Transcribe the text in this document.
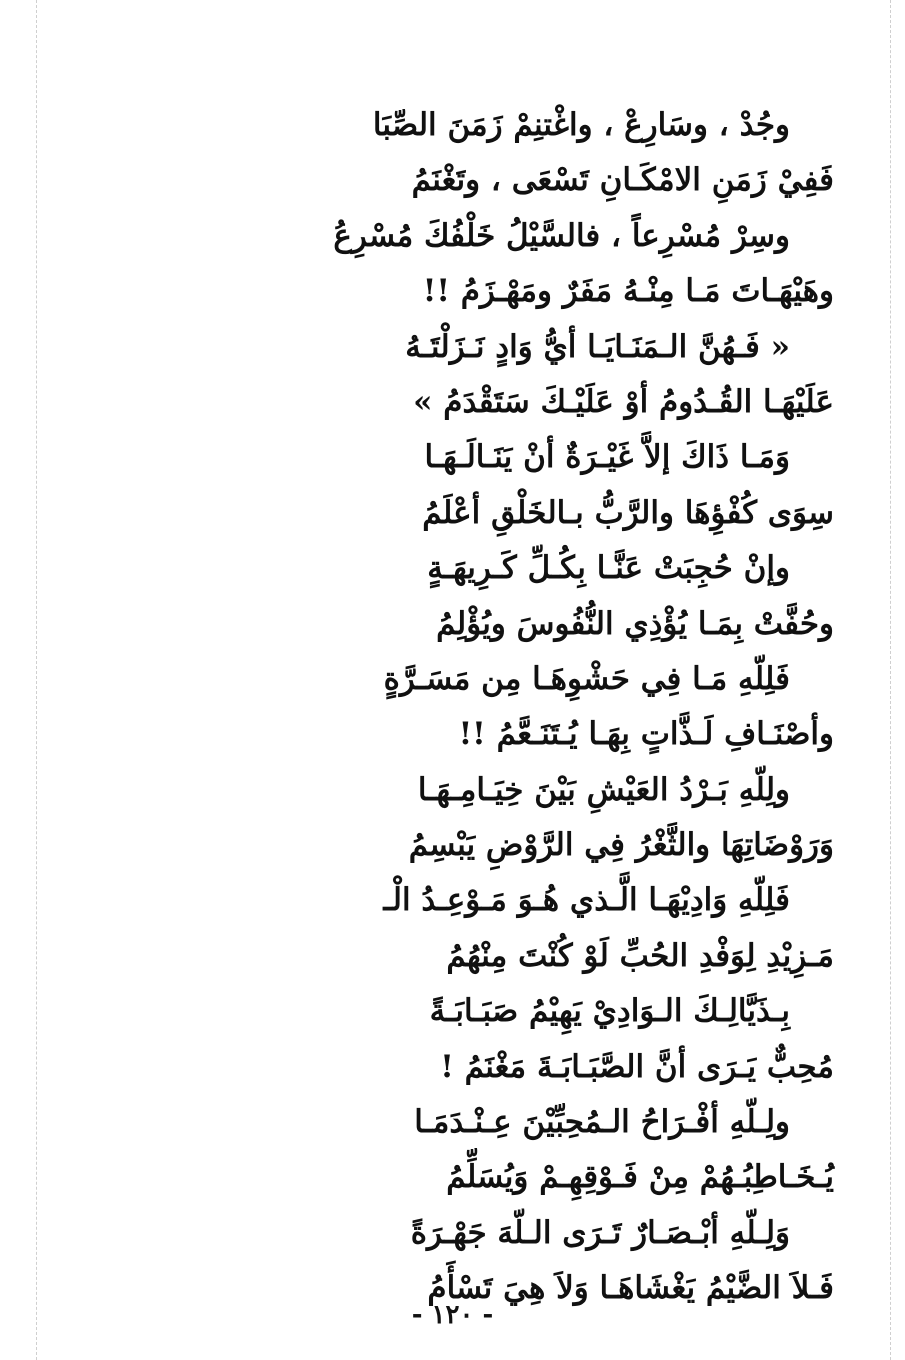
وجُدْ ، وسَارِعْ ، واغْتنِمْ زَمَنَ الصِّبَا
فَفِيْ زَمَنِ الامْكَـانِ تَسْعَى ، وتَغْنَمُ
وسِرْ مُسْرِعاً ، فالسَّيْلُ خَلْفُكَ مُسْرِعُ
وهَيْهَـاتَ مَـا مِنْـهُ مَفَرٌ ومَهْـزَمُ !!
« فَـهُنَّ الـمَنَـايَـا أيُّ وَادٍ نَـزَلْتَـهُ
عَلَيْهَـا القُـدُومُ أوْ عَلَيْـكَ سَتَقْدَمُ »
وَمَـا ذَاكَ إلاَّ غَيْـرَةٌ أنْ يَنَـالَـهَـا
سِوَى كُفْؤِهَا والرَّبُّ بـالخَلْقِ أعْلَمُ
وإنْ حُجِبَتْ عَنَّـا بِكُـلِّ كَـرِيهَـةٍ
وحُفَّتْ بِمَـا يُؤْذِي النُّفُوسَ ويُؤْلِمُ
فَلِلّهِ مَـا فِي حَشْوِهَـا مِن مَسَـرَّةٍ
وأصْنَـافِ لَـذَّاتٍ بِهَـا يُـتَنَـعَّمُ !!
ولِلّهِ بَـرْدُ العَيْشِ بَيْنَ خِيَـامِـهَـا
وَرَوْضَاتِهَا والثَّغْرُ فِي الرَّوْضِ يَبْسِمُ
فَلِلّهِ وَادِيْهَـا الَّـذي هُـوَ مَـوْعِـدُ الْـ
مَـزِيْدِ لِوَفْدِ الحُبِّ لَوْ كُنْتَ مِنْهُمُ
بِـذَيَّالِـكَ الـوَادِيْ يَهِيْمُ صَبَـابَـةً
مُحِبٌّ يَـرَى أنَّ الصَّبَـابَـةَ مَغْنَمُ !
ولِـلّهِ أفْـرَاحُ الـمُحِبِّيْنَ عِـنْـدَمَـا
يُـخَـاطِبُـهُمْ مِنْ فَـوْقِهِـمْ وَيُسَلِّمُ
وَلِـلّهِ أبْـصَـارٌ تَـرَى الـلّهَ جَهْـرَةً
فَـلاَ الضَّيْمُ يَغْشَاهَـا وَلاَ هِيَ تَسْأَمُ
- ١٢٠ -
